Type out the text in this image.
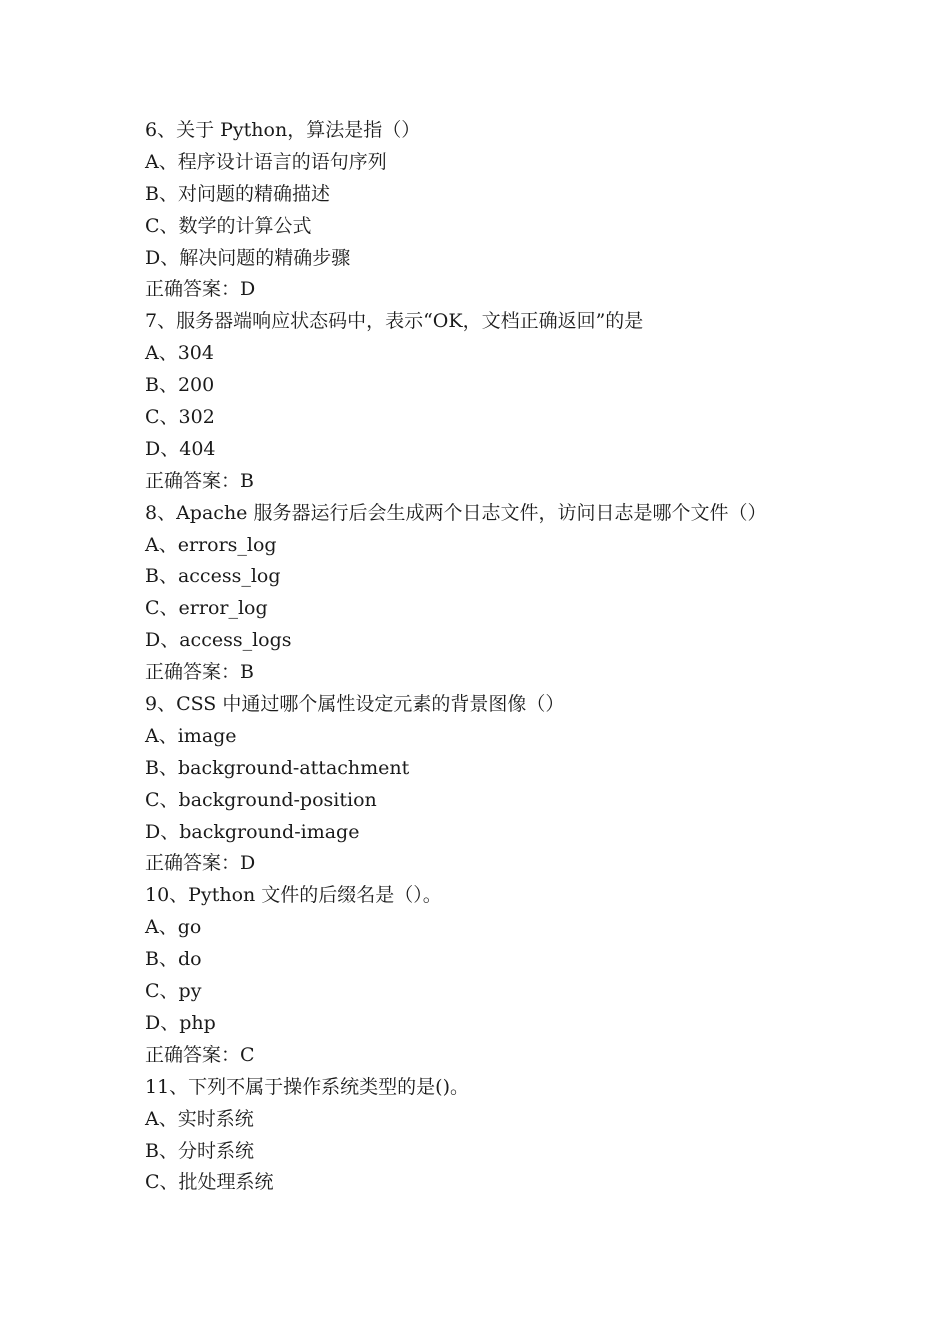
6、关于 Python，算法是指（）
A、程序设计语言的语句序列
B、对问题的精确描述
C、数学的计算公式
D、解决问题的精确步骤
正确答案：D
7、服务器端响应状态码中，表示“OK，文档正确返回”的是
A、304
B、200
C、302
D、404
正确答案：B
8、Apache 服务器运行后会生成两个日志文件，访问日志是哪个文件（）
A、errors_log
B、access_log
C、error_log
D、access_logs
正确答案：B
9、CSS 中通过哪个属性设定元素的背景图像（）
A、image
B、background-attachment
C、background-position
D、background-image
正确答案：D
10、Python 文件的后缀名是（）。
A、go
B、do
C、py
D、php
正确答案：C
11、下列不属于操作系统类型的是()。
A、实时系统
B、分时系统
C、批处理系统
